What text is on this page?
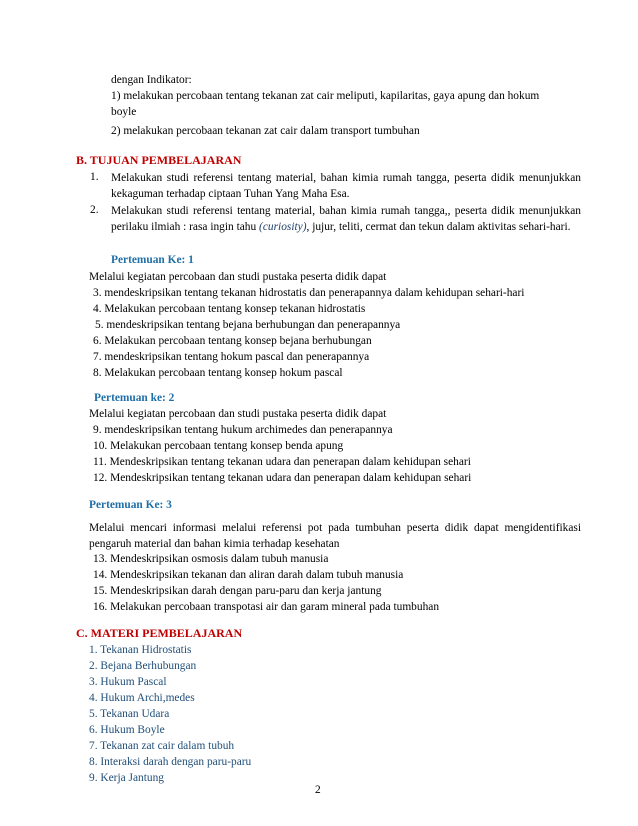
dengan Indikator:
1) melakukan percobaan tentang tekanan zat cair meliputi, kapilaritas, gaya apung dan hokum
boyle
2) melakukan percobaan tekanan zat cair dalam transport tumbuhan
B. TUJUAN PEMBELAJARAN
1. Melakukan studi referensi tentang material, bahan kimia rumah tangga, peserta didik menunjukkan kekaguman terhadap ciptaan Tuhan Yang Maha Esa.
2. Melakukan studi referensi tentang material, bahan kimia rumah tangga,, peserta didik menunjukkan perilaku ilmiah : rasa ingin tahu (curiosity), jujur, teliti, cermat dan tekun dalam aktivitas sehari-hari.
Pertemuan Ke: 1
Melalui kegiatan percobaan dan studi pustaka peserta didik dapat
3. mendeskripsikan tentang tekanan hidrostatis dan penerapannya dalam kehidupan sehari-hari
4. Melakukan percobaan tentang konsep tekanan hidrostatis
5. mendeskripsikan tentang bejana berhubungan dan penerapannya
6. Melakukan percobaan tentang konsep bejana berhubungan
7. mendeskripsikan tentang hokum pascal dan penerapannya
8. Melakukan percobaan tentang konsep hokum pascal
Pertemuan ke: 2
Melalui kegiatan percobaan dan studi pustaka peserta didik dapat
9. mendeskripsikan tentang hukum archimedes dan penerapannya
10. Melakukan percobaan tentang konsep benda apung
11. Mendeskripsikan tentang tekanan udara dan penerapan dalam kehidupan sehari
12. Mendeskripsikan tentang tekanan udara dan penerapan dalam kehidupan sehari
Pertemuan Ke: 3
Melalui mencari informasi melalui referensi pot pada tumbuhan peserta didik dapat mengidentifikasi pengaruh material dan bahan kimia terhadap kesehatan
13. Mendeskripsikan osmosis dalam tubuh manusia
14. Mendeskripsikan tekanan dan aliran darah dalam tubuh manusia
15. Mendeskripsikan darah dengan paru-paru dan kerja jantung
16. Melakukan percobaan transpotasi air dan garam mineral pada tumbuhan
C. MATERI PEMBELAJARAN
1. Tekanan Hidrostatis
2. Bejana Berhubungan
3. Hukum Pascal
4. Hukum Archi,medes
5. Tekanan Udara
6. Hukum Boyle
7. Tekanan zat cair dalam tubuh
8. Interaksi darah dengan paru-paru
9. Kerja Jantung
2
